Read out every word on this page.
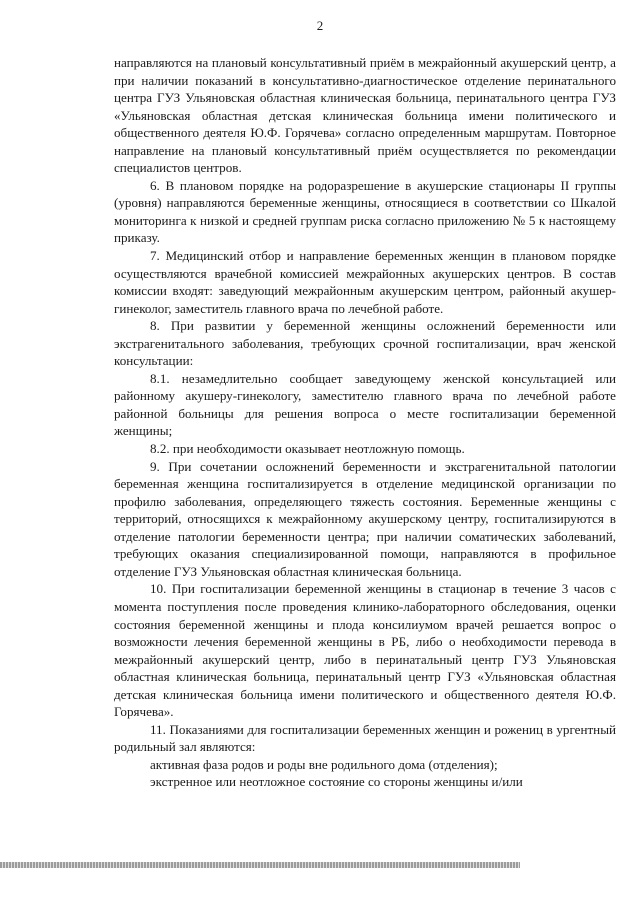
2

направляются на плановый консультативный приём в межрайонный акушерский центр, а при наличии показаний в консультативно-диагностическое отделение перинатального центра ГУЗ Ульяновская областная клиническая больница, перинатального центра ГУЗ «Ульяновская областная детская клиническая больница имени политического и общественного деятеля Ю.Ф. Горячева» согласно определенным маршрутам. Повторное направление на плановый консультативный приём осуществляется по рекомендации специалистов центров.

6. В плановом порядке на родоразрешение в акушерские стационары II группы (уровня) направляются беременные женщины, относящиеся в соответствии со Шкалой мониторинга к низкой и средней группам риска согласно приложению № 5 к настоящему приказу.

7. Медицинский отбор и направление беременных женщин в плановом порядке осуществляются врачебной комиссией межрайонных акушерских центров. В состав комиссии входят: заведующий межрайонным акушерским центром, районный акушер-гинеколог, заместитель главного врача по лечебной работе.

8. При развитии у беременной женщины осложнений беременности или экстрагенитального заболевания, требующих срочной госпитализации, врач женской консультации:

8.1. незамедлительно сообщает заведующему женской консультацией или районному акушеру-гинекологу, заместителю главного врача по лечебной работе районной больницы для решения вопроса о месте госпитализации беременной женщины;

8.2. при необходимости оказывает неотложную помощь.

9. При сочетании осложнений беременности и экстрагенитальной патологии беременная женщина госпитализируется в отделение медицинской организации по профилю заболевания, определяющего тяжесть состояния. Беременные женщины с территорий, относящихся к межрайонному акушерскому центру, госпитализируются в отделение патологии беременности центра; при наличии соматических заболеваний, требующих оказания специализированной помощи, направляются в профильное отделение ГУЗ Ульяновская областная клиническая больница.

10. При госпитализации беременной женщины в стационар в течение 3 часов с момента поступления после проведения клинико-лабораторного обследования, оценки состояния беременной женщины и плода консилиумом врачей решается вопрос о возможности лечения беременной женщины в РБ, либо о необходимости перевода в межрайонный акушерский центр, либо в перинатальный центр ГУЗ Ульяновская областная клиническая больница, перинатальный центр ГУЗ «Ульяновская областная детская клиническая больница имени политического и общественного деятеля Ю.Ф. Горячева».

11. Показаниями для госпитализации беременных женщин и рожениц в ургентный родильный зал являются:

активная фаза родов и роды вне родильного дома (отделения);

экстренное или неотложное состояние со стороны женщины и/или
